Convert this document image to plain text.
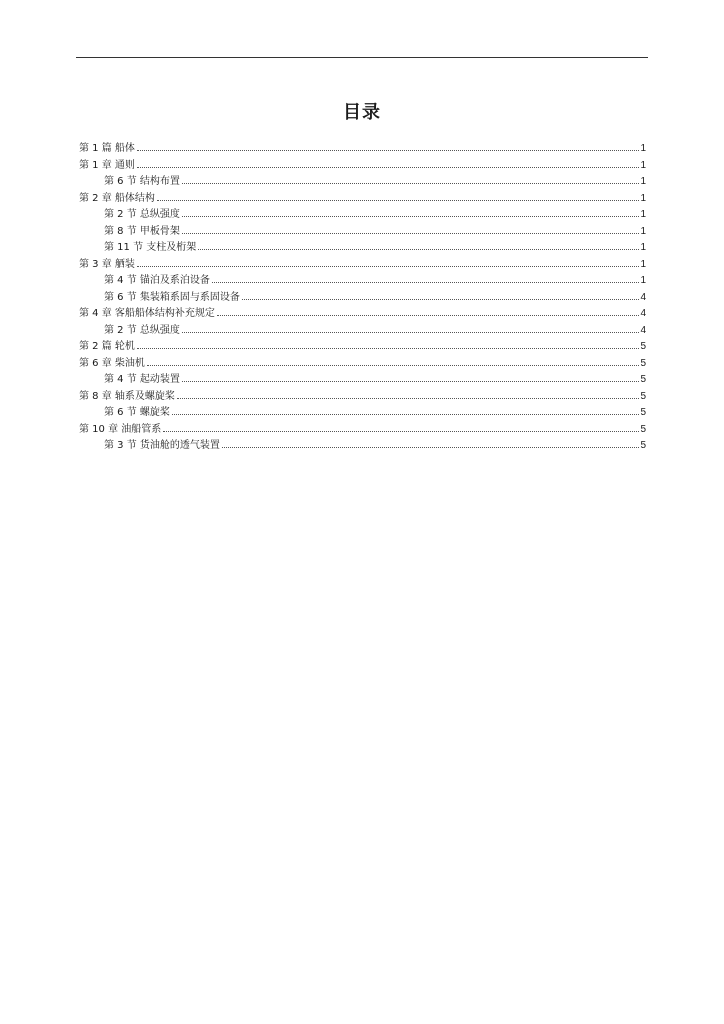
目录
第 1 篇 船体	1
第 1 章 通则	1
第 6 节 结构布置	1
第 2 章 船体结构	1
第 2 节 总纵强度	1
第 8 节 甲板骨架	1
第 11 节 支柱及桁架	1
第 3 章 舾装	1
第 4 节 锚泊及系泊设备	1
第 6 节 集装箱系固与系固设备	4
第 4 章 客船船体结构补充规定	4
第 2 节 总纵强度	4
第 2 篇 轮机	5
第 6 章 柴油机	5
第 4 节 起动装置	5
第 8 章 轴系及螺旋桨	5
第 6 节 螺旋桨	5
第 10 章 油船管系	5
第 3 节 货油舱的透气装置	5
